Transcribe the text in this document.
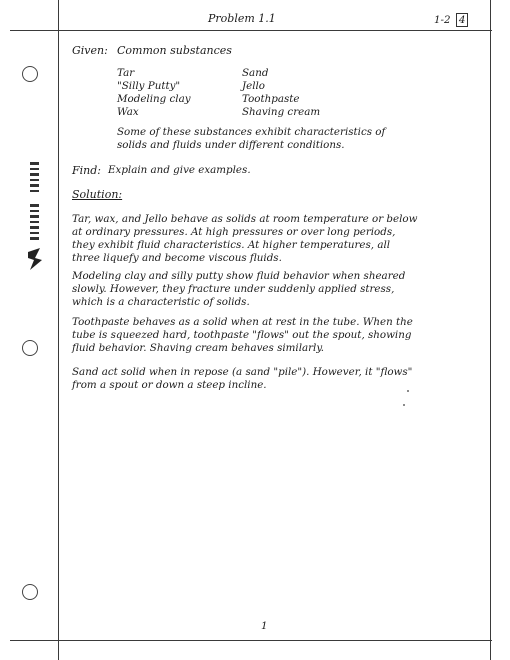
Problem 1.1	1-2 4
Given: Common substances
Tar
"Silly Putty"
Modeling clay
Wax
Sand
Jello
Toothpaste
Shaving cream
Some of these substances exhibit characteristics of
solids and fluids under different conditions.
Find: Explain and give examples.
Solution:
Tar, wax, and Jello behave as solids at room temperature or below
at ordinary pressures. At high pressures or over long periods,
they exhibit fluid characteristics. At higher temperatures, all
three liquefy and become viscous fluids.
Modeling clay and silly putty show fluid behavior when sheared
slowly. However, they fracture under suddenly applied stress,
which is a characteristic of solids.
Toothpaste behaves as a solid when at rest in the tube. When the
tube is squeezed hard, toothpaste "flows" out the spout, showing
fluid behavior. Shaving cream behaves similarly.
Sand act solid when in repose (a sand "pile"). However, it "flows"
from a spout or down a steep incline.
1
